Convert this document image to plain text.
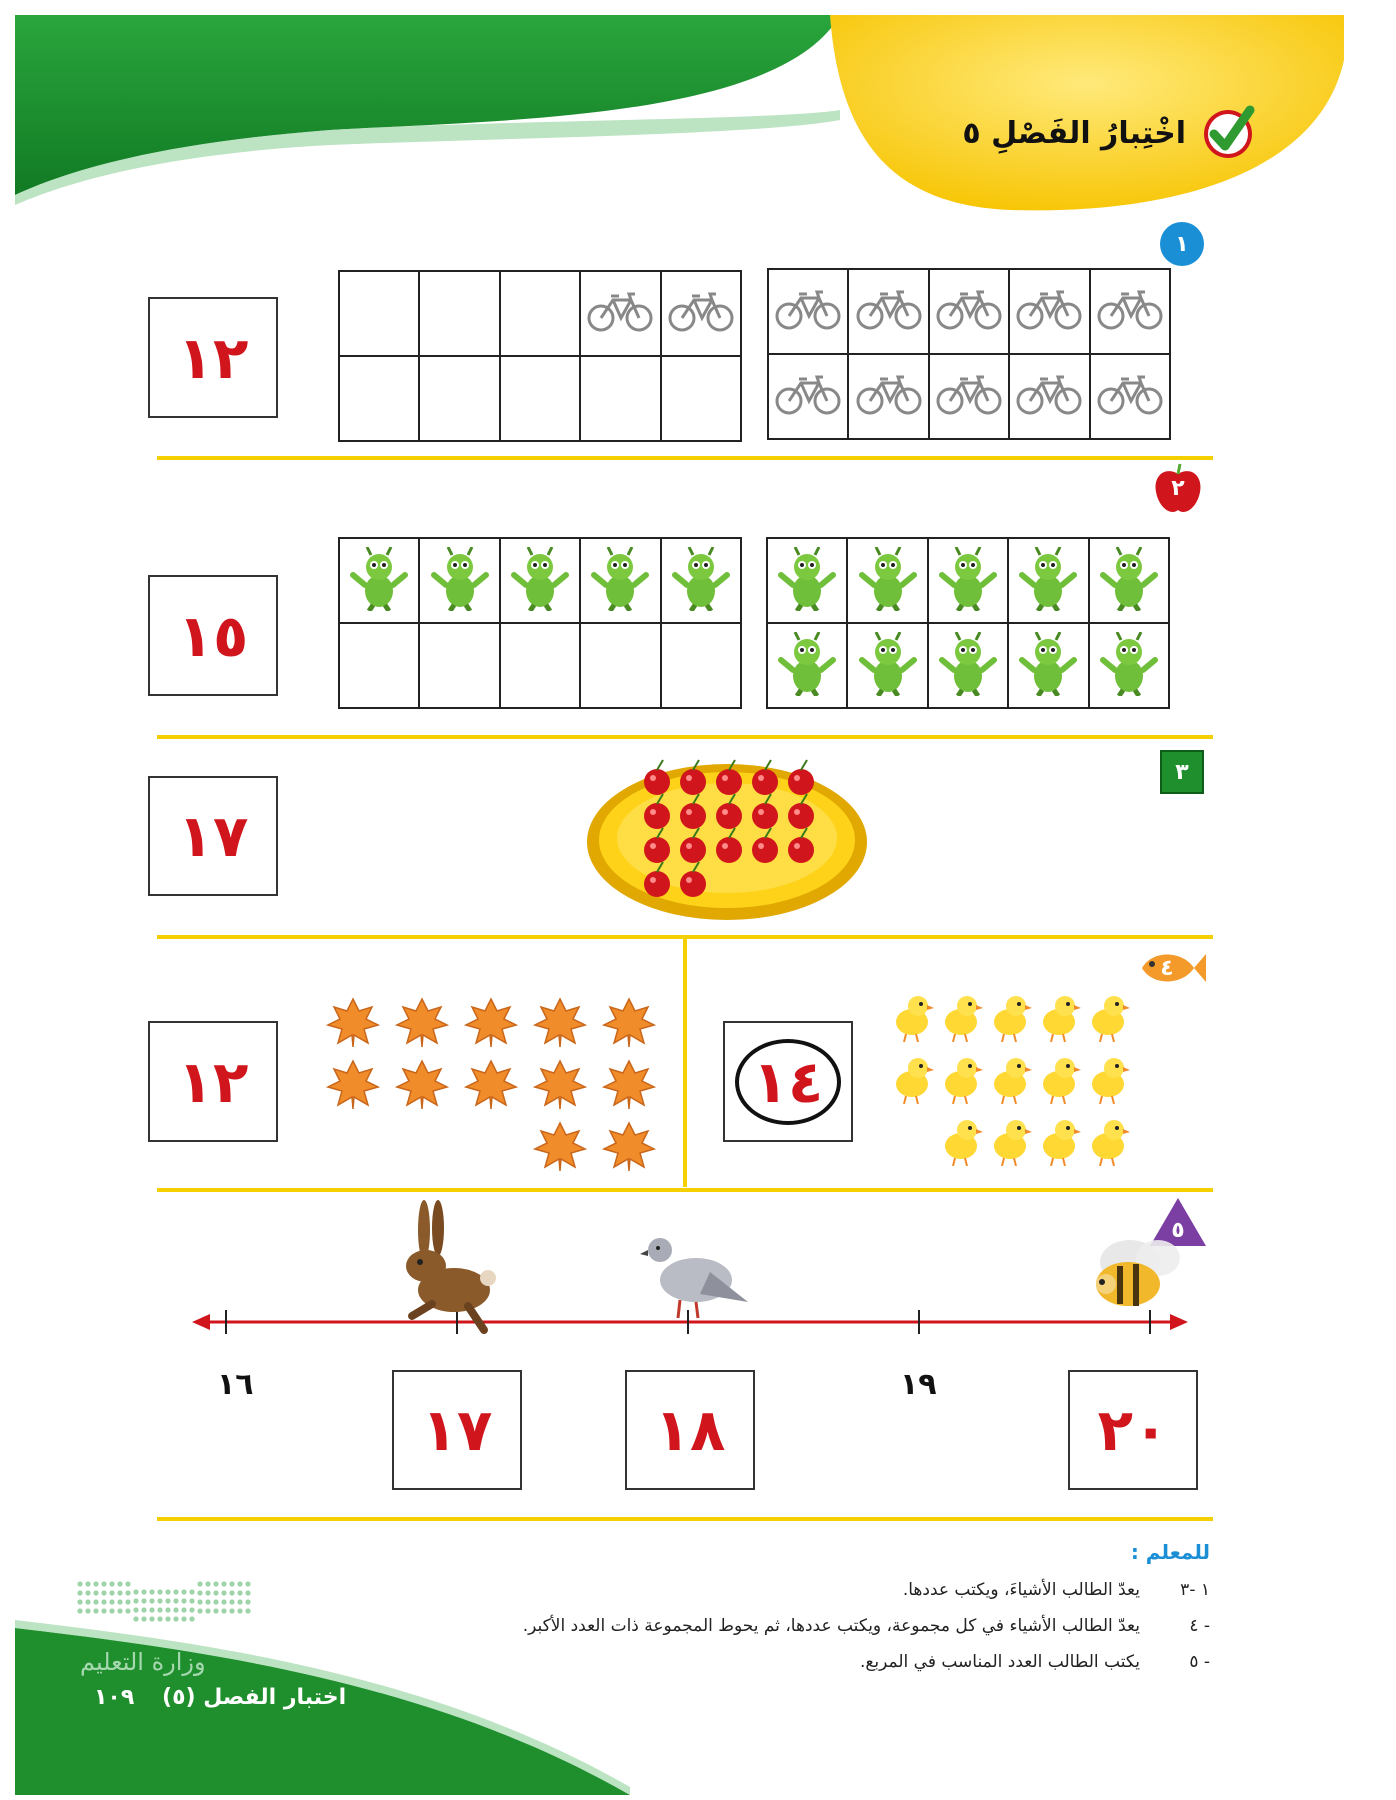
اخْتِبارُ الفَصْلِ ٥
١
١٢
٢
١٥
٣
١٧
٤
١٢	١٤
٥
١٦	١٩
١٧	١٨	٢٠
للمعلم :
١ -٣
يعدّ الطالب الأشياءَ، ويكتب عددها.
٤ -
يعدّ الطالب الأشياء في كل مجموعة، ويكتب عددها، ثم يحوط المجموعة ذات العدد الأكبر.
٥ -
يكتب الطالب العدد المناسب في المربع.
وزارة التعليم
اختبار الفصل (٥)
١٠٩
